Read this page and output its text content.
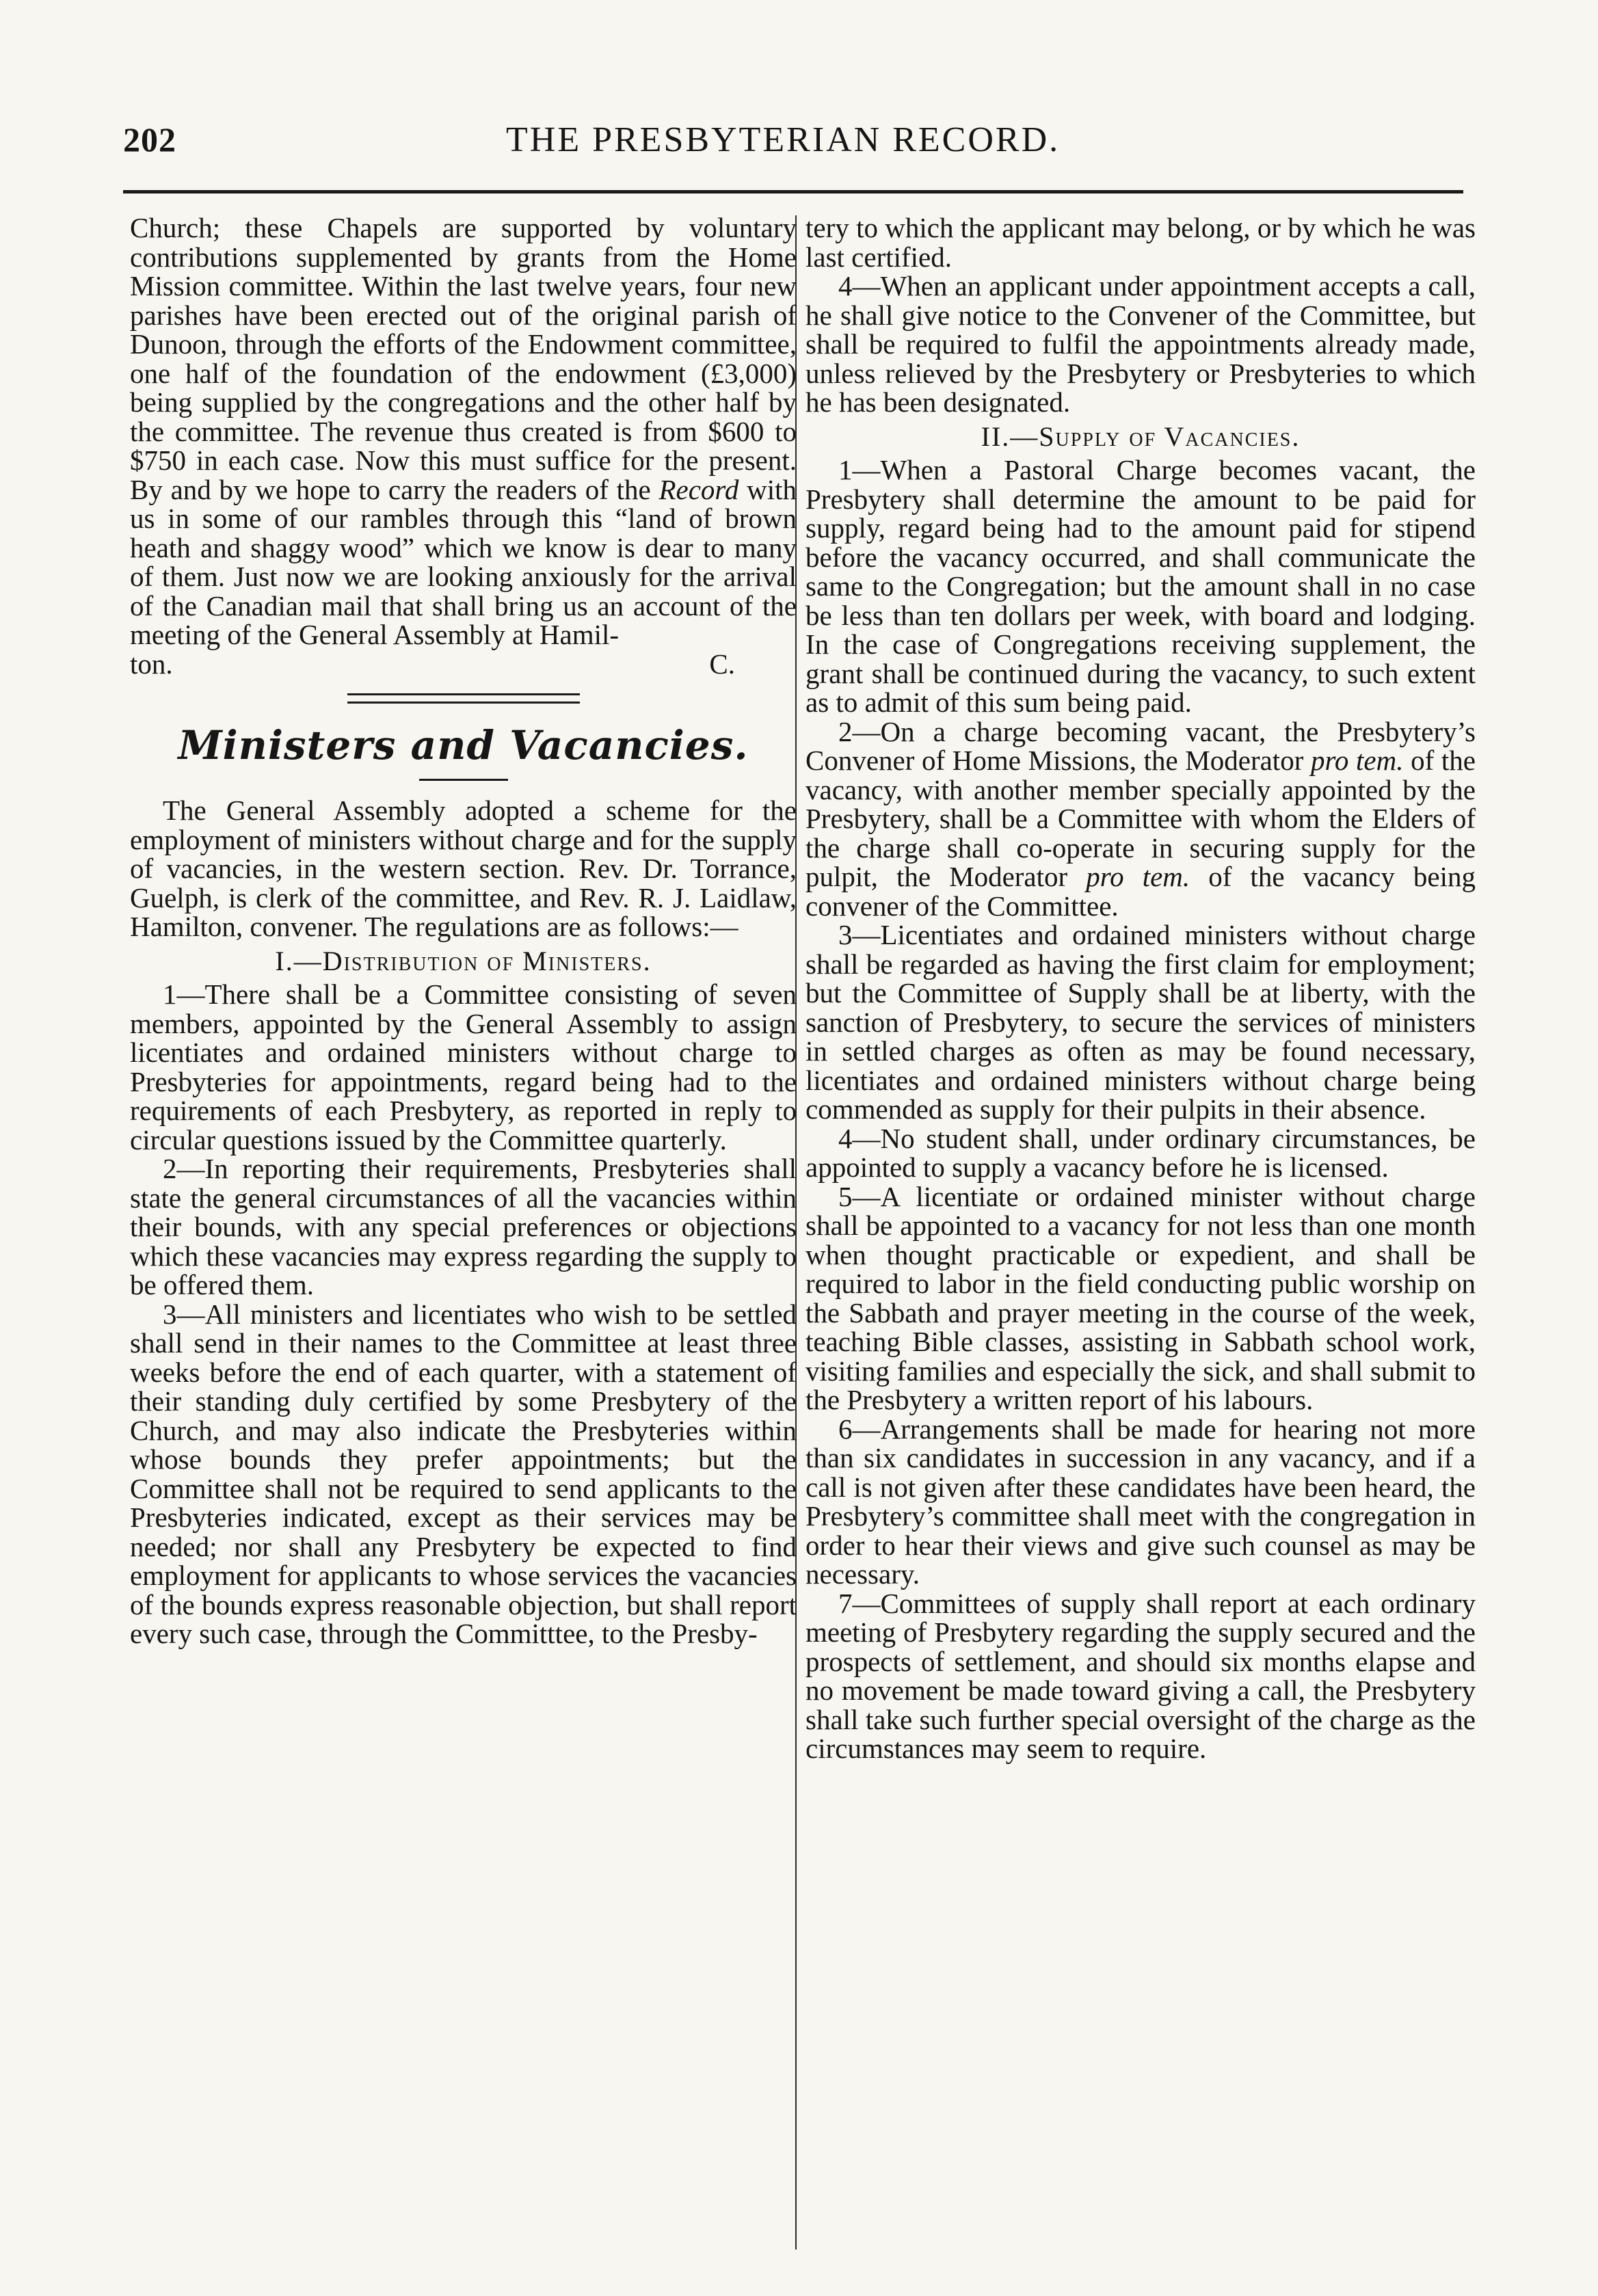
202	THE PRESBYTERIAN RECORD.

Church; these Chapels are supported by voluntary contributions supplemented by grants from the Home Mission committee. Within the last twelve years, four new parishes have been erected out of the original parish of Dunoon, through the efforts of the Endowment committee, one half of the foundation of the endowment (£3,000) being supplied by the congregations and the other half by the committee. The revenue thus created is from $600 to $750 in each case. Now this must suffice for the present. By and by we hope to carry the readers of the Record with us in some of our rambles through this “land of brown heath and shaggy wood” which we know is dear to many of them. Just now we are looking anxiously for the arrival of the Canadian mail that shall bring us an account of the meeting of the General Assembly at Hamil-

ton.	C.
Ministers and Vacancies.

The General Assembly adopted a scheme for the employment of ministers without charge and for the supply of vacancies, in the western section. Rev. Dr. Torrance, Guelph, is clerk of the committee, and Rev. R. J. Laidlaw, Hamilton, convener. The regulations are as follows:—

I.—Distribution of Ministers.

1—There shall be a Committee consisting of seven members, appointed by the General Assembly to assign licentiates and ordained ministers without charge to Presbyteries for appointments, regard being had to the requirements of each Presbytery, as reported in reply to circular questions issued by the Committee quarterly.

2—In reporting their requirements, Presbyteries shall state the general circumstances of all the vacancies within their bounds, with any special preferences or objections which these vacancies may express regarding the supply to be offered them.

3—All ministers and licentiates who wish to be settled shall send in their names to the Committee at least three weeks before the end of each quarter, with a statement of their standing duly certified by some Presbytery of the Church, and may also indicate the Presbyteries within whose bounds they prefer appointments; but the Committee shall not be required to send applicants to the Presbyteries indicated, except as their services may be needed; nor shall any Presbytery be expected to find employment for applicants to whose services the vacancies of the bounds express reasonable objection, but shall report every such case, through the Committtee, to the Presby-

tery to which the applicant may belong, or by which he was last certified.

4—When an applicant under appointment accepts a call, he shall give notice to the Convener of the Committee, but shall be required to fulfil the appointments already made, unless relieved by the Presbytery or Presbyteries to which he has been designated.

II.—Supply of Vacancies.

1—When a Pastoral Charge becomes vacant, the Presbytery shall determine the amount to be paid for supply, regard being had to the amount paid for stipend before the vacancy occurred, and shall communicate the same to the Congregation; but the amount shall in no case be less than ten dollars per week, with board and lodging. In the case of Congregations receiving supplement, the grant shall be continued during the vacancy, to such extent as to admit of this sum being paid.

2—On a charge becoming vacant, the Presbytery’s Convener of Home Missions, the Moderator pro tem. of the vacancy, with another member specially appointed by the Presbytery, shall be a Committee with whom the Elders of the charge shall co-operate in securing supply for the pulpit, the Moderator pro tem. of the vacancy being convener of the Committee.

3—Licentiates and ordained ministers without charge shall be regarded as having the first claim for employment; but the Committee of Supply shall be at liberty, with the sanction of Presbytery, to secure the services of ministers in settled charges as often as may be found necessary, licentiates and ordained ministers without charge being commended as supply for their pulpits in their absence.

4—No student shall, under ordinary circumstances, be appointed to supply a vacancy before he is licensed.

5—A licentiate or ordained minister without charge shall be appointed to a vacancy for not less than one month when thought practicable or expedient, and shall be required to labor in the field conducting public worship on the Sabbath and prayer meeting in the course of the week, teaching Bible classes, assisting in Sabbath school work, visiting families and especially the sick, and shall submit to the Presbytery a written report of his labours.

6—Arrangements shall be made for hearing not more than six candidates in succession in any vacancy, and if a call is not given after these candidates have been heard, the Presbytery’s committee shall meet with the congregation in order to hear their views and give such counsel as may be necessary.

7—Committees of supply shall report at each ordinary meeting of Presbytery regarding the supply secured and the prospects of settlement, and should six months elapse and no movement be made toward giving a call, the Presbytery shall take such further special oversight of the charge as the circumstances may seem to require.
